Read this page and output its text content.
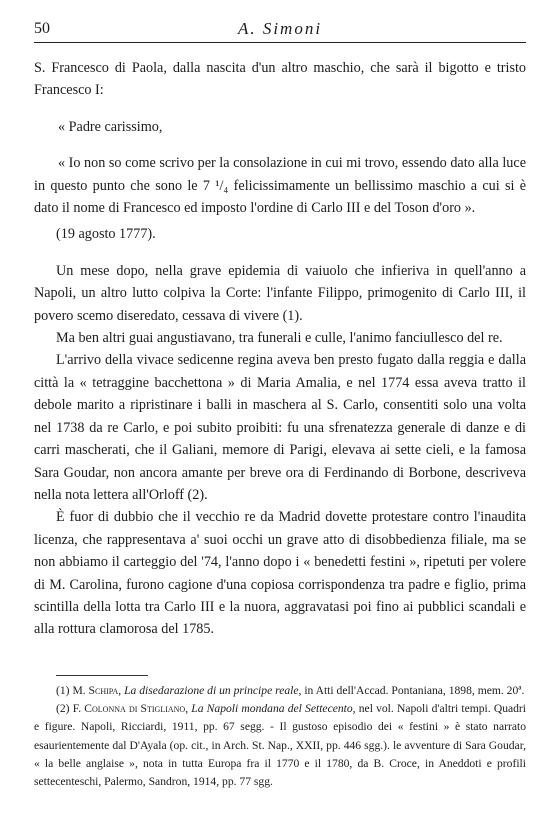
50	A. Simoni

S. Francesco di Paola, dalla nascita d'un altro maschio, che sarà il bigotto e tristo Francesco I:

« Padre carissimo,

« Io non so come scrivo per la consolazione in cui mi trovo, essendo dato alla luce in questo punto che sono le 7 ¹/₄ felicissimamente un bellissimo maschio a cui si è dato il nome di Francesco ed imposto l'ordine di Carlo III e del Toson d'oro ».

(19 agosto 1777).

Un mese dopo, nella grave epidemia di vaiuolo che infieriva in quell'anno a Napoli, un altro lutto colpiva la Corte: l'infante Filippo, primogenito di Carlo III, il povero scemo diseredato, cessava di vivere (1).

Ma ben altri guai angustiavano, tra funerali e culle, l'animo fanciullesco del re.

L'arrivo della vivace sedicenne regina aveva ben presto fugato dalla reggia e dalla città la « tetraggine bacchettona » di Maria Amalia, e nel 1774 essa aveva tratto il debole marito a ripristinare i balli in maschera al S. Carlo, consentiti solo una volta nel 1738 da re Carlo, e poi subito proibiti: fu una sfrenatezza generale di danze e di carri mascherati, che il Galiani, memore di Parigi, elevava ai sette cieli, e la famosa Sara Goudar, non ancora amante per breve ora di Ferdinando di Borbone, descriveva nella nota lettera all'Orloff (2).

È fuor di dubbio che il vecchio re da Madrid dovette protestare contro l'inaudita licenza, che rappresentava a' suoi occhi un grave atto di disobbedienza filiale, ma se non abbiamo il carteggio del '74, l'anno dopo i « benedetti festini », ripetuti per volere di M. Carolina, furono cagione d'una copiosa corrispondenza tra padre e figlio, prima scintilla della lotta tra Carlo III e la nuora, aggravatasi poi fino ai pubblici scandali e alla rottura clamorosa del 1785.

(1) M. Schipa, La disedarazione di un principe reale, in Atti dell'Accad. Pontaniana, 1898, mem. 20ª.

(2) F. Colonna di Stigliano, La Napoli mondana del Settecento, nel vol. Napoli d'altri tempi. Quadri e figure. Napoli, Ricciardi, 1911, pp. 67 segg. - Il gustoso episodio dei « festini » è stato narrato esaurientemente dal D'Ayala (op. cit., in Arch. St. Nap., XXII, pp. 446 sgg.). le avventure di Sara Goudar, « la belle anglaise », nota in tutta Europa fra il 1770 e il 1780, da B. Croce, in Aneddoti e profili settecenteschi, Palermo, Sandron, 1914, pp. 77 sgg.
